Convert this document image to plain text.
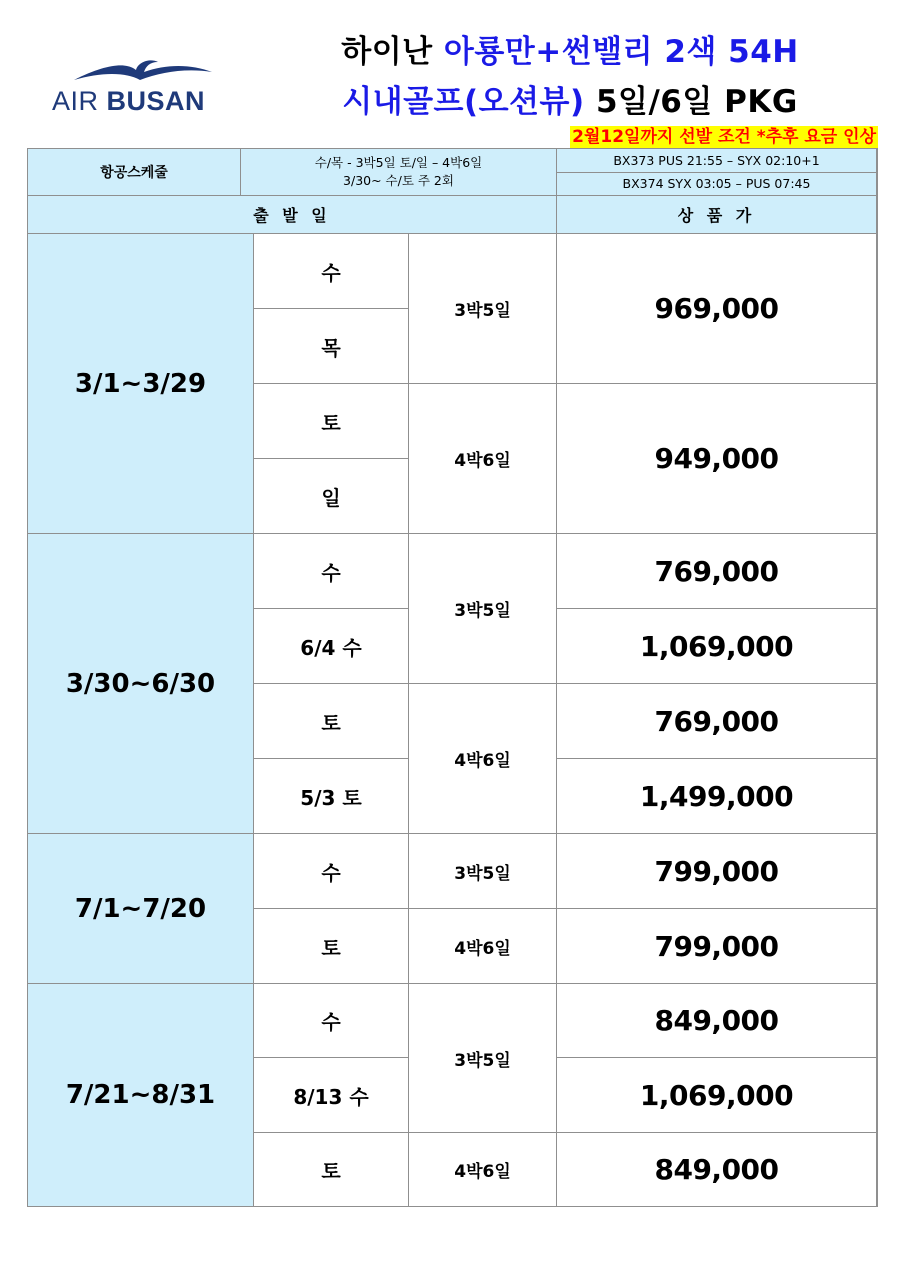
AIR BUSAN
하이난 아룡만+썬밸리 2색 54H
시내골프(오션뷰) 5일/6일 PKG
2월12일까지 선발 조건 *추후 요금 인상
항공스케줄
수/목 - 3박5일 토/일 – 4박6일
3/30~ 수/토 주 2회
BX373 PUS 21:55 – SYX 02:10+1
BX374 SYX 03:05 – PUS 07:45
출 발 일	상 품 가
3/1~3/29
수
목
토
일
3박5일
4박6일
969,000
949,000
3/30~6/30
수
6/4 수
토
5/3 토
3박5일
4박6일
769,000
1,069,000
769,000
1,499,000
7/1~7/20
수
토
3박5일
4박6일
799,000
799,000
7/21~8/31
수
8/13 수
토
3박5일
4박6일
849,000
1,069,000
849,000
